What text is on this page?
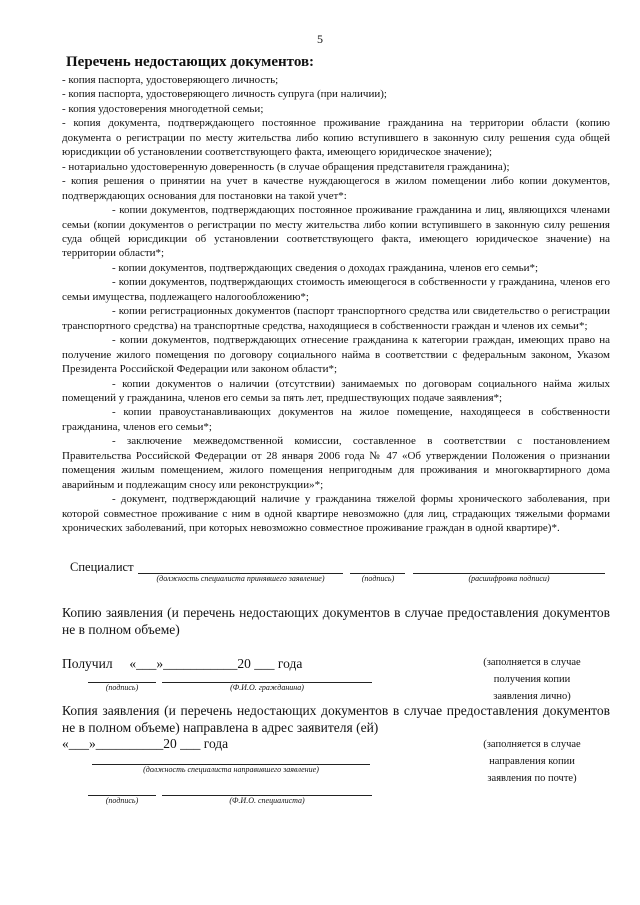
5
Перечень недостающих документов:

- копия паспорта, удостоверяющего личность;

- копия паспорта, удостоверяющего личность супруга (при наличии);

- копия удостоверения многодетной семьи;

- копия документа, подтверждающего постоянное проживание гражданина на территории области (копию документа о регистрации по месту жительства либо копию вступившего в законную силу решения суда общей юрисдикции об установлении соответствующего факта, имеющего юридическое значение);

- нотариально удостоверенную доверенность (в случае обращения представителя гражданина);

- копия решения о принятии на учет в качестве нуждающегося в жилом помещении либо копии документов, подтверждающих основания для постановки на такой учет*:

- копии документов, подтверждающих постоянное проживание гражданина и лиц, являющихся членами семьи (копии документов о регистрации по месту жительства либо копии вступившего в законную силу решения суда общей юрисдикции об установлении соответствующего факта, имеющего юридическое значение) на территории области*;

- копии документов, подтверждающих сведения о доходах гражданина, членов его семьи*;

- копии документов, подтверждающих стоимость имеющегося в собственности у гражданина, членов его семьи имущества, подлежащего налогообложению*;

- копии регистрационных документов (паспорт транспортного средства или свидетельство о регистрации транспортного средства) на транспортные средства, находящиеся в собственности граждан и членов их семьи*;

- копии документов, подтверждающих отнесение гражданина к категории граждан, имеющих право на получение жилого помещения по договору социального найма в соответствии с федеральным законом, Указом Президента Российской Федерации или законом области*;

- копии документов о наличии (отсутствии) занимаемых по договорам социального найма жилых помещений у гражданина, членов его семьи за пять лет, предшествующих подаче заявления*;

- копии правоустанавливающих документов на жилое помещение, находящееся в собственности гражданина, членов его семьи*;

- заключение межведомственной комиссии, составленное в соответствии с постановлением Правительства Российской Федерации от 28 января 2006 года № 47 «Об утверждении Положения о признании помещения жилым помещением, жилого помещения непригодным для проживания и многоквартирного дома аварийным и подлежащим сносу или реконструкции»*;

- документ, подтверждающий наличие у гражданина тяжелой формы хронического заболевания, при которой совместное проживание с ним в одной квартире невозможно (для лиц, страдающих тяжелыми формами хронических заболеваний, при которых невозможно совместное проживание граждан в одной квартире)*.

Специалист
(должность специалиста принявшего заявление)	(подпись)	(расшифровка подписи)
Копию заявления (и перечень недостающих документов в случае предоставления документов не в полном объеме)
Получил     «___»___________20 ___ года
(подпись)	(Ф.И.О. гражданина)
(заполняется в случае
получения копии
заявления лично)
Копия заявления (и перечень недостающих документов в случае предоставления документов не в полном объеме) направлена в адрес заявителя (ей)
«___»__________20 ___ года
(должность специалиста направившего заявление)
(подпись)	(Ф.И.О. специалиста)
(заполняется в случае
направления копии
заявления по почте)
